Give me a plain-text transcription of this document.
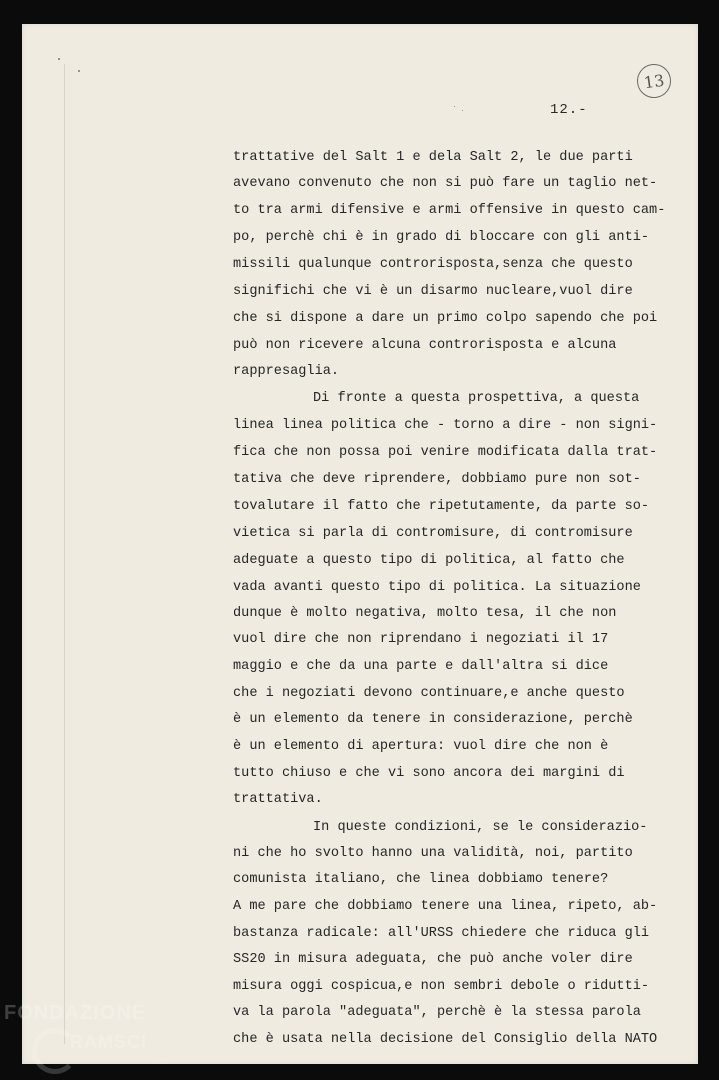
12.-
13

trattative del Salt 1 e dela Salt 2, le due parti

avevano convenuto che non si può fare un taglio net-

to tra armi difensive e armi offensive in questo cam-

po, perchè chi è in grado di bloccare con gli anti-

missili qualunque controrisposta,senza che questo

significhi che vi è un disarmo nucleare,vuol dire

che si dispone a dare un primo colpo sapendo che poi

può non ricevere alcuna controrisposta e alcuna

rappresaglia.

Di fronte a questa prospettiva, a questa

linea linea politica che - torno a dire - non signi-

fica che non possa poi venire modificata dalla trat-

tativa che deve riprendere, dobbiamo pure non sot-

tovalutare il fatto che ripetutamente, da parte so-

vietica si parla di contromisure, di contromisure

adeguate a questo tipo di politica, al fatto che

vada avanti questo tipo di politica. La situazione

dunque è molto negativa, molto tesa, il che non

vuol dire che non riprendano i negoziati il 17

maggio e che da una parte e dall'altra si dice

che i negoziati devono continuare,e anche questo

è un elemento da tenere in considerazione, perchè

è un elemento di apertura: vuol dire che non è

tutto chiuso e che vi sono ancora dei margini di

trattativa.

In queste condizioni, se le considerazio-

ni che ho svolto hanno una validità, noi, partito

comunista italiano, che linea dobbiamo tenere?

A me pare che dobbiamo tenere una linea, ripeto, ab-

bastanza radicale: all'URSS chiedere che riduca gli

SS20 in misura adeguata, che può anche voler dire

misura oggi cospicua,e non sembri debole o ridutti-

va la parola "adeguata", perchè è la stessa parola

che è usata nella decisione del Consiglio della NATO

FONDAZIONE
RAMSCI
onlus
